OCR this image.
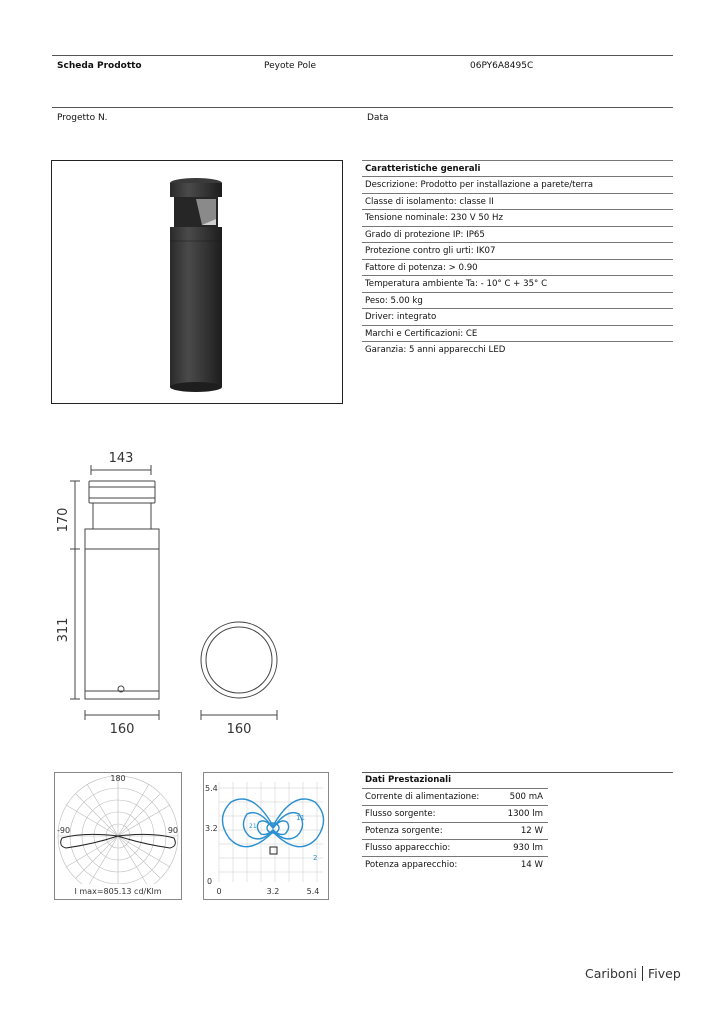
Scheda Prodotto	Peyote Pole	06PY6A8495C
Progetto N.	Data
Caratteristiche generali
Descrizione: Prodotto per installazione a parete/terra
Classe di isolamento: classe II
Tensione nominale: 230 V 50 Hz
Grado di protezione IP: IP65
Protezione contro gli urti: IK07
Fattore di potenza: > 0.90
Temperatura ambiente Ta: - 10° C + 35° C
Peso: 5.00 kg
Driver: integrato
Marchi e Certificazioni: CE
Garanzia: 5 anni apparecchi LED
143
170
311
160	160
180
-90	90
I max=805.13 cd/Klm
5.4
3.2
0
0	3.2	5.4
11
2
21
Dati Prestazionali
Corrente di alimentazione:	500 mA
Flusso sorgente:	1300 lm
Potenza sorgente:	12 W
Flusso apparecchio:	930 lm
Potenza apparecchio:	14 W
Cariboni Fivep
